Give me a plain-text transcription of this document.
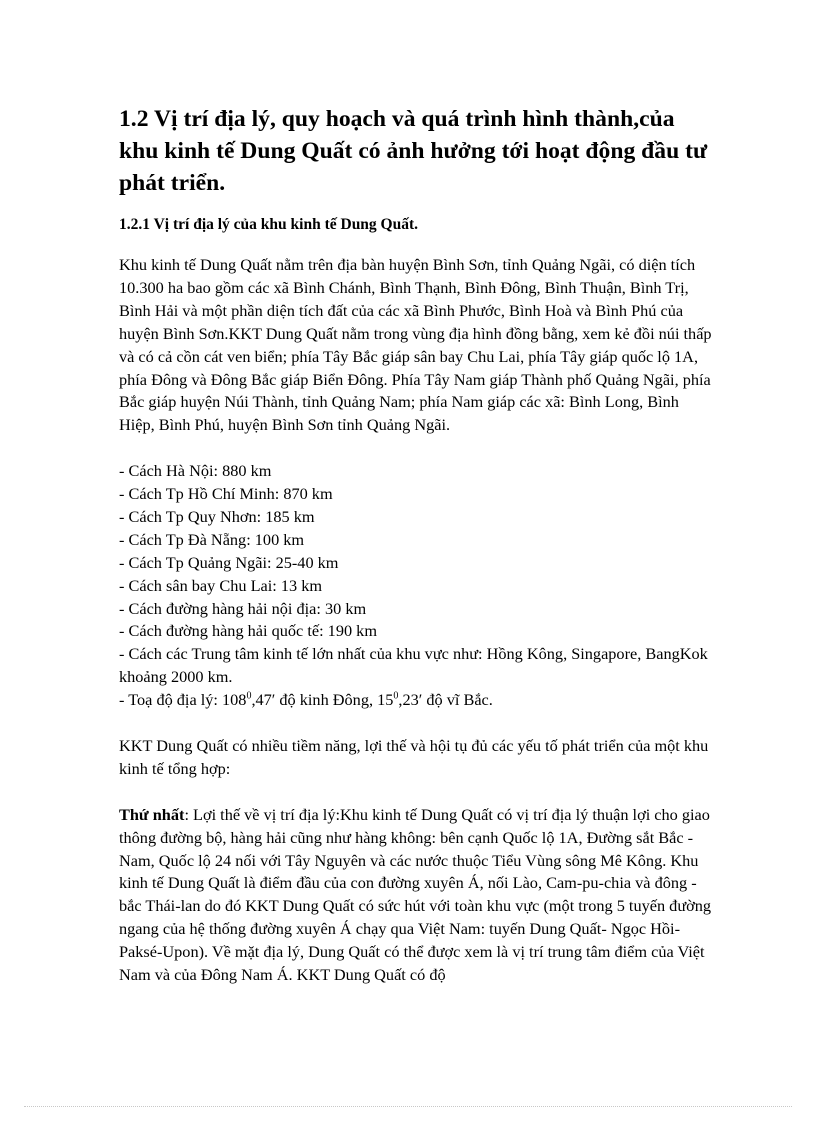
1.2 Vị trí địa lý, quy hoạch và quá trình hình thành,của khu kinh tế Dung Quất có ảnh hưởng tới hoạt động đầu tư phát triển.
1.2.1 Vị trí địa lý của khu kinh tế Dung Quất.

Khu kinh tế Dung Quất nằm trên địa bàn huyện Bình Sơn, tỉnh Quảng Ngãi, có diện tích 10.300 ha bao gồm các xã Bình Chánh, Bình Thạnh, Bình Đông, Bình Thuận, Bình Trị, Bình Hải và một phần diện tích đất của các xã Bình Phước, Bình Hoà và Bình Phú của huyện Bình Sơn.KKT Dung Quất nằm trong vùng địa hình đồng bằng, xem kẻ đồi núi thấp và có cả cồn cát ven biển; phía Tây Bắc giáp sân bay Chu Lai, phía Tây giáp quốc lộ 1A, phía Đông và Đông Bắc giáp Biển Đông. Phía Tây Nam giáp Thành phố Quảng Ngãi, phía Bắc giáp huyện Núi Thành, tỉnh Quảng Nam; phía Nam giáp các xã: Bình Long, Bình Hiệp, Bình Phú, huyện Bình Sơn tỉnh Quảng Ngãi.

- Cách Hà Nội: 880 km
- Cách Tp Hồ Chí Minh: 870 km
- Cách Tp Quy Nhơn: 185 km
- Cách Tp Đà Nẵng: 100 km
- Cách Tp Quảng Ngãi: 25-40 km
- Cách sân bay Chu Lai: 13 km
- Cách đường hàng hải nội địa: 30 km
- Cách đường hàng hải quốc tế: 190 km
- Cách các Trung tâm kinh tế lớn nhất của khu vực như: Hồng Kông, Singapore, BangKok khoảng 2000 km.
- Toạ độ địa lý: $108^0,47'$ độ kinh Đông, $15^0,23'$ độ vĩ Bắc.

KKT Dung Quất có nhiều tiềm năng, lợi thế và hội tụ đủ các yếu tố phát triển của một khu kinh tế tổng hợp:

Thứ nhất: Lợi thế về vị trí địa lý:Khu kinh tế Dung Quất có vị trí địa lý thuận lợi cho giao thông đường bộ, hàng hải cũng như hàng không: bên cạnh Quốc lộ 1A, Đường sắt Bắc - Nam, Quốc lộ 24 nối với Tây Nguyên và các nước thuộc Tiểu Vùng sông Mê Kông. Khu kinh tế Dung Quất là điểm đầu của con đường xuyên Á, nối Lào, Cam-pu-chia và đông - bắc Thái-lan do đó KKT Dung Quất có sức hút với toàn khu vực (một trong 5 tuyến đường ngang của hệ thống đường xuyên Á chạy qua Việt Nam: tuyến Dung Quất- Ngọc Hồi-Paksé-Upon). Về mặt địa lý, Dung Quất có thể được xem là vị trí trung tâm điểm của Việt Nam và của Đông Nam Á. KKT Dung Quất có độ
